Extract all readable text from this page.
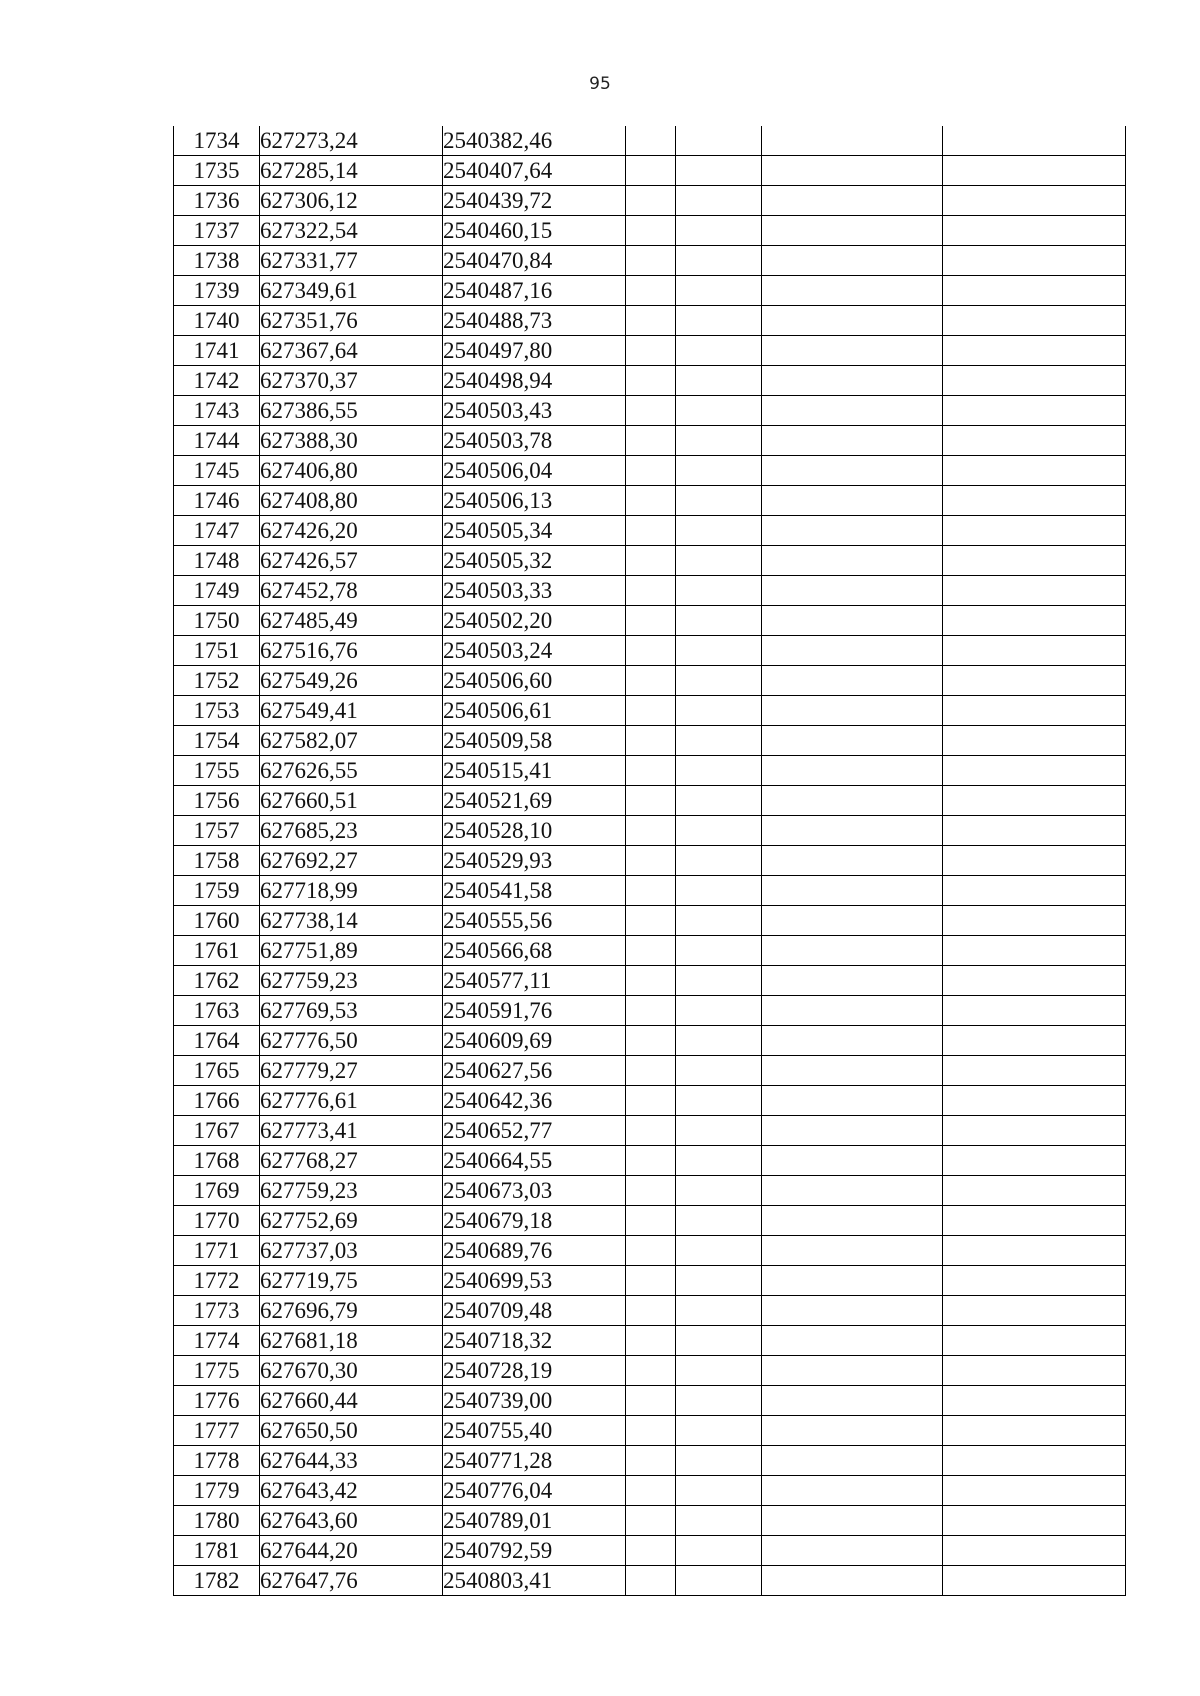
95
1734	627273,24	2540382,46				
1735	627285,14	2540407,64				
1736	627306,12	2540439,72				
1737	627322,54	2540460,15				
1738	627331,77	2540470,84				
1739	627349,61	2540487,16				
1740	627351,76	2540488,73				
1741	627367,64	2540497,80				
1742	627370,37	2540498,94				
1743	627386,55	2540503,43				
1744	627388,30	2540503,78				
1745	627406,80	2540506,04				
1746	627408,80	2540506,13				
1747	627426,20	2540505,34				
1748	627426,57	2540505,32				
1749	627452,78	2540503,33				
1750	627485,49	2540502,20				
1751	627516,76	2540503,24				
1752	627549,26	2540506,60				
1753	627549,41	2540506,61				
1754	627582,07	2540509,58				
1755	627626,55	2540515,41				
1756	627660,51	2540521,69				
1757	627685,23	2540528,10				
1758	627692,27	2540529,93				
1759	627718,99	2540541,58				
1760	627738,14	2540555,56				
1761	627751,89	2540566,68				
1762	627759,23	2540577,11				
1763	627769,53	2540591,76				
1764	627776,50	2540609,69				
1765	627779,27	2540627,56				
1766	627776,61	2540642,36				
1767	627773,41	2540652,77				
1768	627768,27	2540664,55				
1769	627759,23	2540673,03				
1770	627752,69	2540679,18				
1771	627737,03	2540689,76				
1772	627719,75	2540699,53				
1773	627696,79	2540709,48				
1774	627681,18	2540718,32				
1775	627670,30	2540728,19				
1776	627660,44	2540739,00				
1777	627650,50	2540755,40				
1778	627644,33	2540771,28				
1779	627643,42	2540776,04				
1780	627643,60	2540789,01				
1781	627644,20	2540792,59				
1782	627647,76	2540803,41				
